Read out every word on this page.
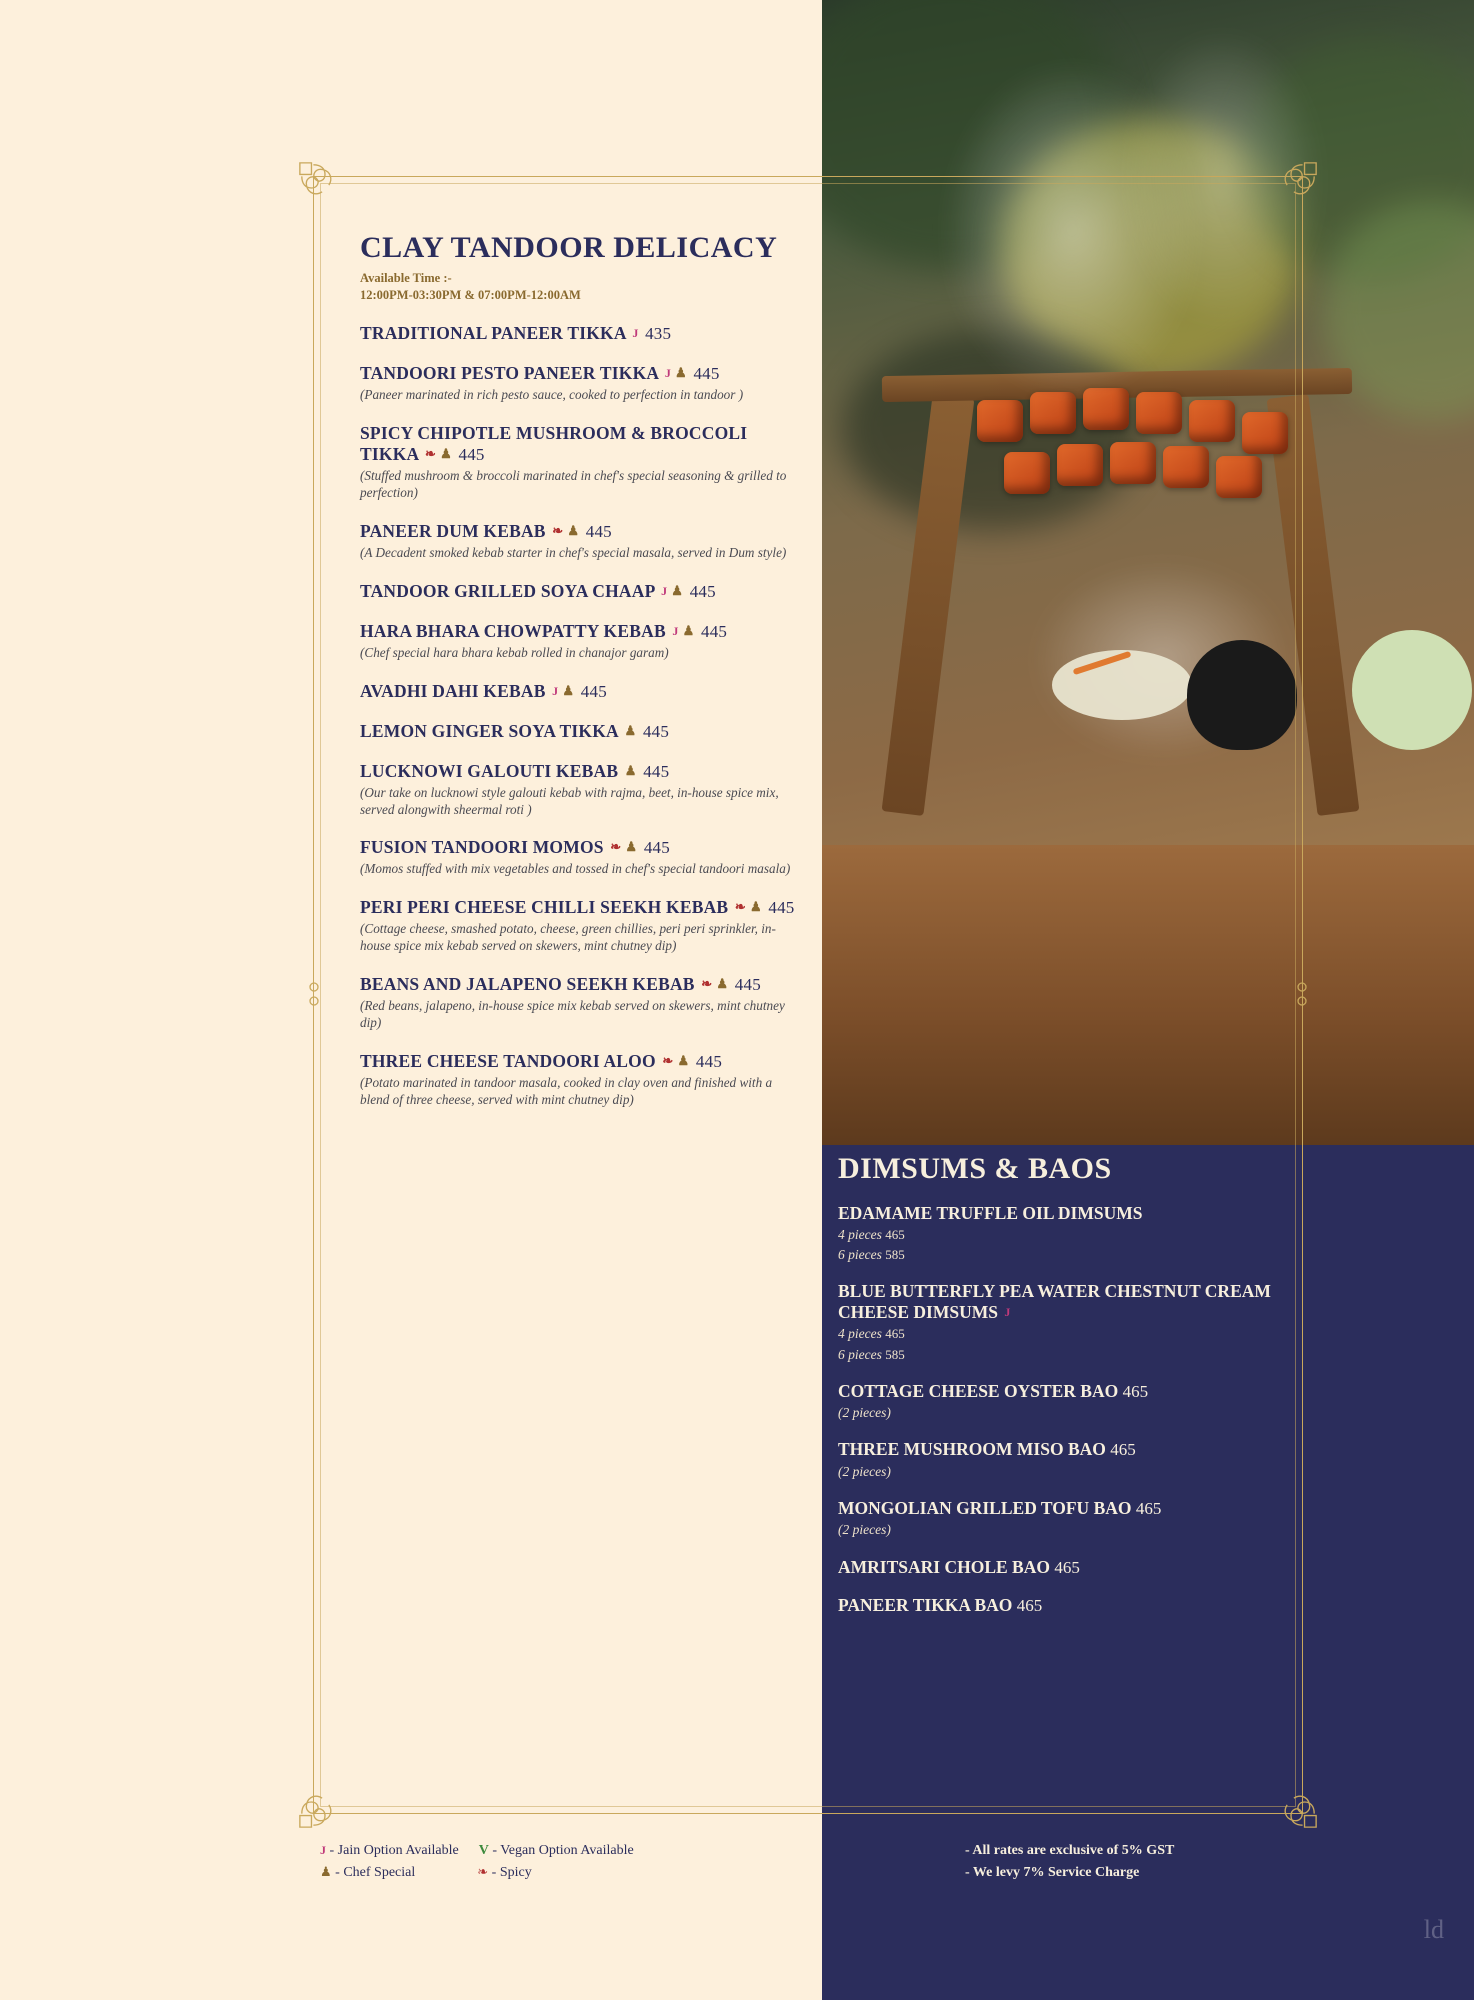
CLAY TANDOOR DELICACY
Available Time :-
12:00PM-03:30PM & 07:00PM-12:00AM
TRADITIONAL PANEER TIKKA J 435
TANDOORI PESTO PANEER TIKKA J ♟ 445
(Paneer marinated in rich pesto sauce, cooked to perfection in tandoor )
SPICY CHIPOTLE MUSHROOM & BROCCOLI TIKKA ❧ ♟ 445
(Stuffed mushroom & broccoli marinated in chef's special seasoning & grilled to perfection)
PANEER DUM KEBAB ❧ ♟ 445
(A Decadent smoked kebab starter in chef's special masala, served in Dum style)
TANDOOR GRILLED SOYA CHAAP J ♟ 445
HARA BHARA CHOWPATTY KEBAB J ♟ 445
(Chef special hara bhara kebab rolled in chanajor garam)
AVADHI DAHI KEBAB J ♟ 445
LEMON GINGER SOYA TIKKA ♟ 445
LUCKNOWI GALOUTI KEBAB ♟ 445
(Our take on lucknowi style galouti kebab with rajma, beet, in-house spice mix, served alongwith sheermal roti )
FUSION TANDOORI MOMOS ❧ ♟ 445
(Momos stuffed with mix vegetables and tossed in chef's special tandoori masala)
PERI PERI CHEESE CHILLI SEEKH KEBAB ❧ ♟ 445
(Cottage cheese, smashed potato, cheese, green chillies, peri peri sprinkler, in-house spice mix kebab served on skewers, mint chutney dip)
BEANS AND JALAPENO SEEKH KEBAB ❧ ♟ 445
(Red beans, jalapeno, in-house spice mix kebab served on skewers, mint chutney dip)
THREE CHEESE TANDOORI ALOO ❧ ♟ 445
(Potato marinated in tandoor masala, cooked in clay oven and finished with a blend of three cheese, served with mint chutney dip)
DIMSUMS & BAOS
EDAMAME TRUFFLE OIL DIMSUMS
4 pieces 465
6 pieces 585
BLUE BUTTERFLY PEA WATER CHESTNUT CREAM CHEESE DIMSUMS J
4 pieces 465
6 pieces 585
COTTAGE CHEESE OYSTER BAO 465
(2 pieces)
THREE MUSHROOM MISO BAO 465
(2 pieces)
MONGOLIAN GRILLED TOFU BAO 465
(2 pieces)
AMRITSARI CHOLE BAO 465
PANEER TIKKA BAO 465
J - Jain Option Available V - Vegan Option Available
♟ - Chef Special	❧ - Spicy
- All rates are exclusive of 5% GST
- We levy 7% Service Charge
ld
